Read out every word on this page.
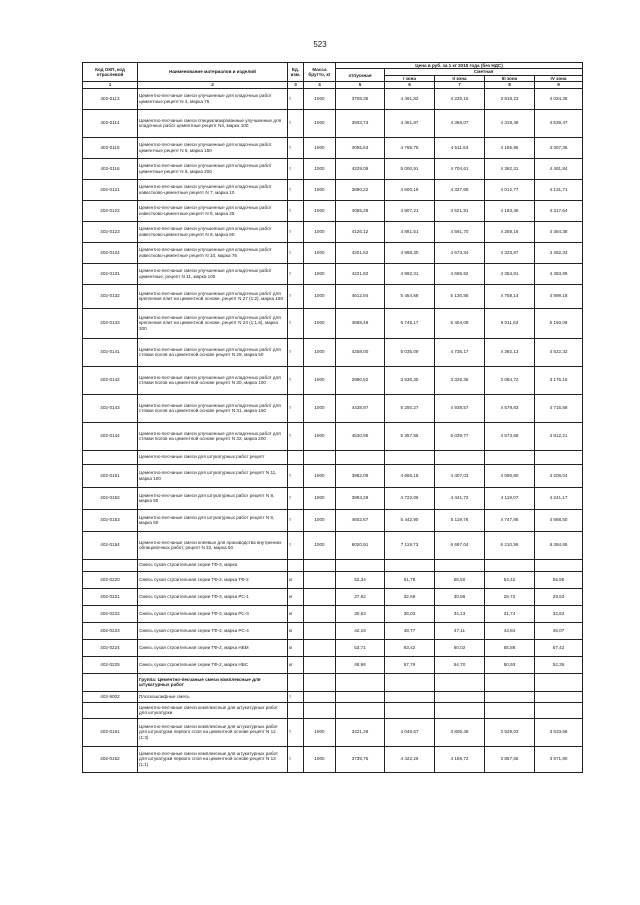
523
Код ОКП, код отраслевой	Наименование материалов и изделий	Ед. изм.	Масса брутто, кг	Цена в руб. за 1 кг 2015 года (без НДС)				
				отпускная	Сметная			
					I зона	II зона	III зона	IV зона
1	2	3	4	5	6	7	8	9
402-0113	Цементно-песчаные смеси улучшенные для кладочных работ цементные рецепт N 3, марка 75	т	1000	3708,35	4 491,82	4 225,15	3 918,23	4 034,36
402-0114	Цементно-песчаные смеси специализированные улучшенные для кладочных работ цементные рецепт N4, марка 100	т	1000	3903,73	4 451,87	4 356,07	4 319,49	4 539,47
402-0115	Цементно-песчаные смеси улучшенные для кладочных работ цементные рецепт N 5, марка 150	т	1000	4055,63	4 765,75	4 511,63	4 185,95	4 307,35
402-0116	Цементно-песчаные смеси улучшенные для кладочных работ цементные рецепт N 6, марка 200	т	1000	4229,09	5 000,91	4 704,61	4 362,31	4 491,84
402-0121	Цементно-песчаные смеси улучшенные для кладочных работ известково-цементные рецепт N 7, марка 10	т	1000	3890,22	4 600,19	4 327,69	4 012,77	4 131,71
402-0122	Цементно-песчаные смеси улучшенные для кладочных работ известково-цементные рецепт N 8, марка 25	т	1000	4065,29	4 807,21	4 521,91	4 193,35	4 317,64
402-0123	Цементно-песчаные смеси улучшенные для кладочных работ известково-цементные рецепт N 9, марка 50	т	1000	4126,12	4 881,51	4 591,70	4 258,16	4 384,38
402-0124	Цементно-песчаные смеси улучшенные для кладочных работ известково-цементные рецепт N 10, марка 75	т	1000	4201,52	4 968,30	4 673,34	4 333,87	4 462,33
402-0131	Цементно-песчаные смеси улучшенные для кладочных работ цементные, рецепт N 11, марка 100	т	1000	4221,82	4 992,31	4 695,92	4 354,81	4 483,89
402-0132	Цементно-песчаные смеси улучшенные для кладочных работ для крепления плит на цементной основе, рецепт N 27 (1:2), марка 150	т	1000	4612,84	5 454,68	5 130,85	4 758,14	4 899,18
402-0133	Цементно-песчаные смеси улучшенные для кладочных работ для крепления плит на цементной основе, рецепт N 23 (1:1,5), марка 200	т	1000	4858,49	5 745,17	5 404,09	5 011,53	5 160,08
402-0141	Цементно-песчаные смеси улучшенные для кладочных работ для стяжки полов на цементной основе рецепт N 29, марка 50	т	1000	4258,00	5 035,09	4 736,17	4 392,13	4 522,32
402-0142	Цементно-песчаные смеси улучшенные для кладочных работ для стяжки полов на цементной основе рецепт N 30, марка 100	т	1000	2990,52	3 536,30	3 326,35	3 084,72	3 176,16
402-0143	Цементно-песчаные смеси улучшенные для кладочных работ для стяжки полов на цементной основе рецепт N 31, марка 150	т	1000	4438,97	5 250,27	4 938,57	4 579,83	4 715,58
402-0144	Цементно-песчаные смеси улучшенные для кладочных работ для стяжки полов на цементной основе рецепт N 32, марка 200	т	1000	4530,95	5 357,86	5 039,77	4 673,68	4 812,21
	Цементно-песчаные смеси для штукатурных работ рецепт							
402-0151	Цементно-песчаные смеси для штукатурных работ рецепт N 11, марка 100	т	1000	3962,09	4 685,18	4 407,03	4 086,80	4 208,04
402-0152	Цементно-песчаные смеси для штукатурных работ рецепт N 8, марка 50	т	1000	3993,29	4 722,06	4 441,72	4 119,07	4 241,17
402-0153	Цементно-песчаные смеси для штукатурных работ рецепт N 6, марка 50	т	1000	4602,67	5 442,90	5 119,76	4 747,86	4 888,50
402-0154	Цементно-песчаные смеси клеевые для производства внутренних облицовочных работ, рецепт N 32, марка 50	т	1000	6020,91	7 119,73	6 697,04	6 210,56	6 394,65
	Смесь сухая строительная серии ТФ-2, марка							
402-0220	Смесь сухая строительная серии ТФ-2, марка ТФ-2	кг		52,34	61,78	58,50	54,42	55,95
402-0221	Смесь сухая строительная серии ТФ-2, марка РС-1	кг		27,62	32,59	30,86	28,72	29,53
402-0222	Смесь сухая строительная серии ТФ-2, марка РС-3	кг		30,53	36,03	34,13	31,74	32,62
402-0223	Смесь сухая строительная серии ТФ-2, марка РС-4	кг		42,16	49,77	47,11	43,84	45,07
402-0224	Смесь сухая строительная серии ТФ-2, марка НБМ	кг		53,71	63,42	60,02	55,88	57,42
402-0225	Смесь сухая строительная серии ТФ-2, марка НБС	кг		48,96	57,79	54,70	50,93	52,35
	Группа: Цементно-песчаные смеси комплексные для штукатурных работ							
402-9002	Плоскошлифные смесь	т						
	Цементно-песчаные смеси комплексные для штукатурных работ для штукатурки							
402-0161	Цементно-песчаные смеси комплексные для штукатурных работ для штукатурки первого слоя на цементной основе рецепт N 12 (1:3)	т	1000	3421,28	4 045,67	3 805,48	3 529,03	3 633,66
402-0162	Цементно-песчаные смеси комплексные для штукатурных работ для штукатурки первого слоя на цементной основе рецепт N 13 (1:1)	т	1000	3739,75	4 422,26	4 159,72	3 857,55	3 971,90
